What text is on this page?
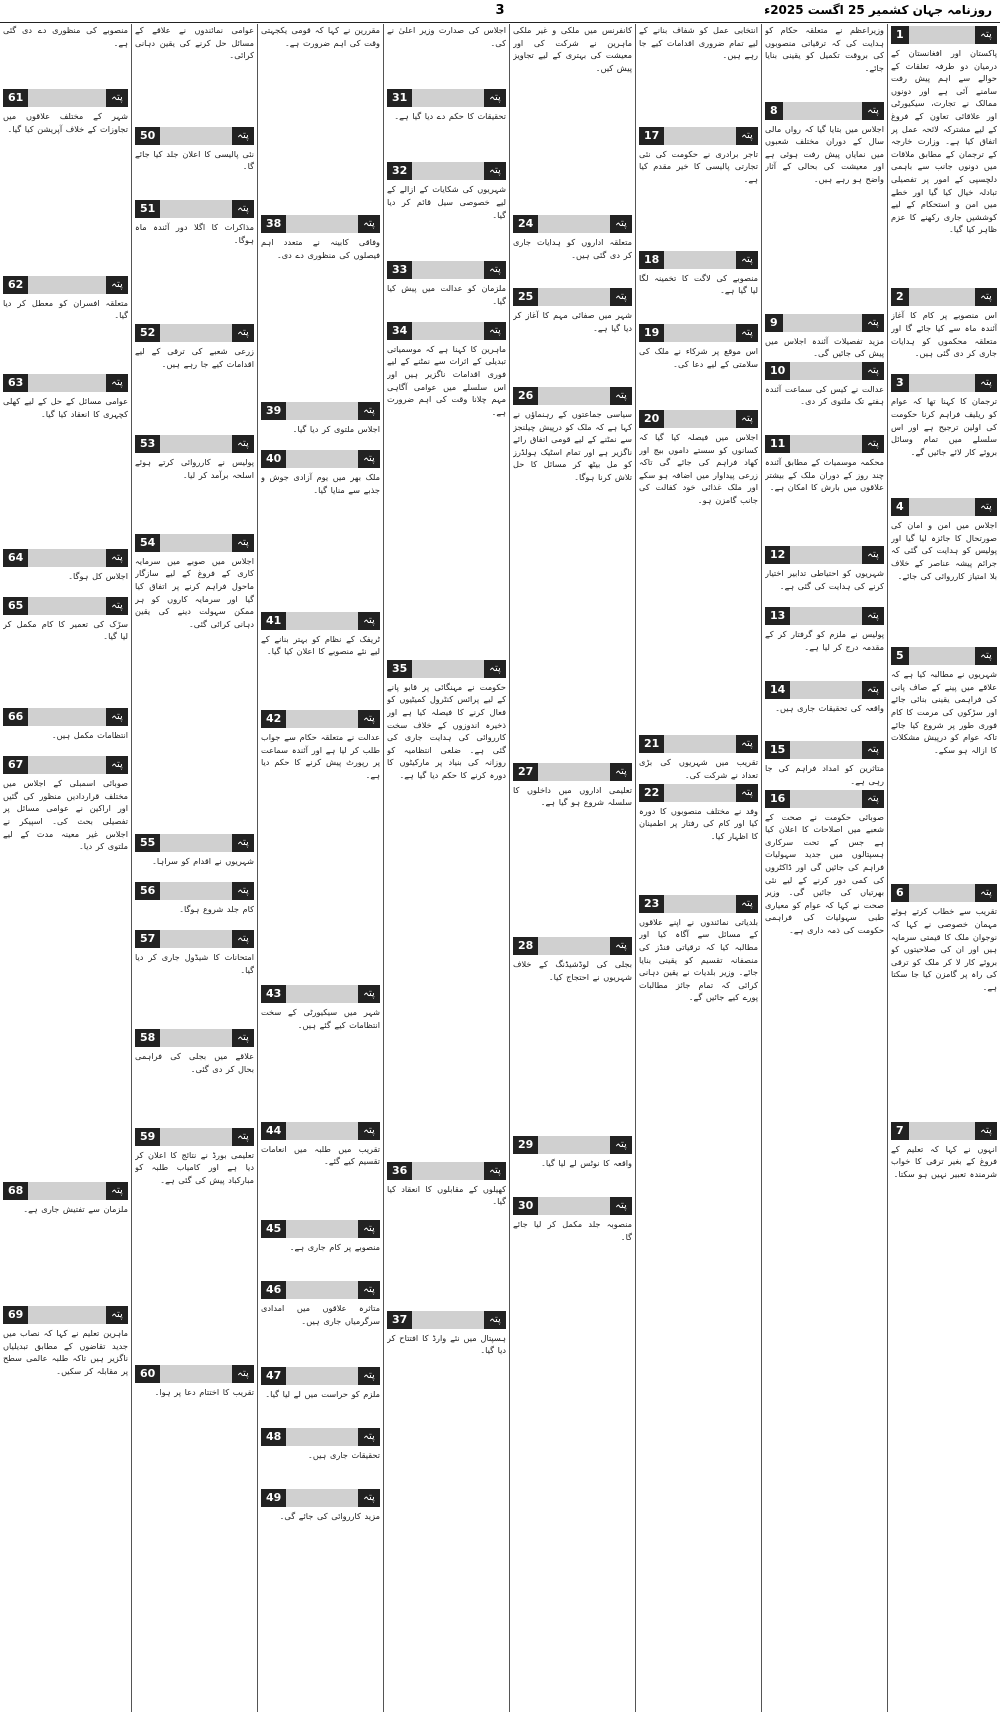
3	روزنامہ جہان کشمیر 25 اگست 2025ء
1	پتہ
پاکستان اور افغانستان کے درمیان دو طرفہ تعلقات کے حوالے سے اہم پیش رفت سامنے آئی ہے اور دونوں ممالک نے تجارت، سیکیورٹی اور علاقائی تعاون کے فروغ کے لیے مشترکہ لائحہ عمل پر اتفاق کیا ہے۔ وزارت خارجہ کے ترجمان کے مطابق ملاقات میں دونوں جانب سے باہمی دلچسپی کے امور پر تفصیلی تبادلہ خیال کیا گیا اور خطے میں امن و استحکام کے لیے کوششیں جاری رکھنے کا عزم ظاہر کیا گیا۔
2	پتہ
اس منصوبے پر کام کا آغاز آئندہ ماہ سے کیا جائے گا اور متعلقہ محکموں کو ہدایات جاری کر دی گئی ہیں۔
3	پتہ
ترجمان کا کہنا تھا کہ عوام کو ریلیف فراہم کرنا حکومت کی اولین ترجیح ہے اور اس سلسلے میں تمام وسائل بروئے کار لائے جائیں گے۔
4	پتہ
اجلاس میں امن و امان کی صورتحال کا جائزہ لیا گیا اور پولیس کو ہدایت کی گئی کہ جرائم پیشہ عناصر کے خلاف بلا امتیاز کارروائی کی جائے۔
5	پتہ
شہریوں نے مطالبہ کیا ہے کہ علاقے میں پینے کے صاف پانی کی فراہمی یقینی بنائی جائے اور سڑکوں کی مرمت کا کام فوری طور پر شروع کیا جائے تاکہ عوام کو درپیش مشکلات کا ازالہ ہو سکے۔
6	پتہ
تقریب سے خطاب کرتے ہوئے مہمان خصوصی نے کہا کہ نوجوان ملک کا قیمتی سرمایہ ہیں اور ان کی صلاحیتوں کو بروئے کار لا کر ملک کو ترقی کی راہ پر گامزن کیا جا سکتا ہے۔
7	پتہ
انہوں نے کہا کہ تعلیم کے فروغ کے بغیر ترقی کا خواب شرمندہ تعبیر نہیں ہو سکتا۔
وزیراعظم نے متعلقہ حکام کو ہدایت کی کہ ترقیاتی منصوبوں کی بروقت تکمیل کو یقینی بنایا جائے۔
8	پتہ
اجلاس میں بتایا گیا کہ رواں مالی سال کے دوران مختلف شعبوں میں نمایاں پیش رفت ہوئی ہے اور معیشت کی بحالی کے آثار واضح ہو رہے ہیں۔
9	پتہ
مزید تفصیلات آئندہ اجلاس میں پیش کی جائیں گی۔
10	پتہ
عدالت نے کیس کی سماعت آئندہ ہفتے تک ملتوی کر دی۔
11	پتہ
محکمہ موسمیات کے مطابق آئندہ چند روز کے دوران ملک کے بیشتر علاقوں میں بارش کا امکان ہے۔
12	پتہ
شہریوں کو احتیاطی تدابیر اختیار کرنے کی ہدایت کی گئی ہے۔
13	پتہ
پولیس نے ملزم کو گرفتار کر کے مقدمہ درج کر لیا ہے۔
14	پتہ
واقعہ کی تحقیقات جاری ہیں۔
15	پتہ
متاثرین کو امداد فراہم کی جا رہی ہے۔
16	پتہ
صوبائی حکومت نے صحت کے شعبے میں اصلاحات کا اعلان کیا ہے جس کے تحت سرکاری ہسپتالوں میں جدید سہولیات فراہم کی جائیں گی اور ڈاکٹروں کی کمی دور کرنے کے لیے نئی بھرتیاں کی جائیں گی۔ وزیر صحت نے کہا کہ عوام کو معیاری طبی سہولیات کی فراہمی حکومت کی ذمہ داری ہے۔
انتخابی عمل کو شفاف بنانے کے لیے تمام ضروری اقدامات کیے جا رہے ہیں۔
17	پتہ
تاجر برادری نے حکومت کی نئی تجارتی پالیسی کا خیر مقدم کیا ہے۔
18	پتہ
منصوبے کی لاگت کا تخمینہ لگا لیا گیا ہے۔
19	پتہ
اس موقع پر شرکاء نے ملک کی سلامتی کے لیے دعا کی۔
20	پتہ
اجلاس میں فیصلہ کیا گیا کہ کسانوں کو سستے داموں بیج اور کھاد فراہم کی جائے گی تاکہ زرعی پیداوار میں اضافہ ہو سکے اور ملک غذائی خود کفالت کی جانب گامزن ہو۔
21	پتہ
تقریب میں شہریوں کی بڑی تعداد نے شرکت کی۔
22	پتہ
وفد نے مختلف منصوبوں کا دورہ کیا اور کام کی رفتار پر اطمینان کا اظہار کیا۔
23	پتہ
بلدیاتی نمائندوں نے اپنے علاقوں کے مسائل سے آگاہ کیا اور مطالبہ کیا کہ ترقیاتی فنڈز کی منصفانہ تقسیم کو یقینی بنایا جائے۔ وزیر بلدیات نے یقین دہانی کرائی کہ تمام جائز مطالبات پورے کیے جائیں گے۔
کانفرنس میں ملکی و غیر ملکی ماہرین نے شرکت کی اور معیشت کی بہتری کے لیے تجاویز پیش کیں۔
24	پتہ
متعلقہ اداروں کو ہدایات جاری کر دی گئی ہیں۔
25	پتہ
شہر میں صفائی مہم کا آغاز کر دیا گیا ہے۔
26	پتہ
سیاسی جماعتوں کے رہنماؤں نے کہا ہے کہ ملک کو درپیش چیلنجز سے نمٹنے کے لیے قومی اتفاق رائے ناگزیر ہے اور تمام اسٹیک ہولڈرز کو مل بیٹھ کر مسائل کا حل تلاش کرنا ہوگا۔
27	پتہ
تعلیمی اداروں میں داخلوں کا سلسلہ شروع ہو گیا ہے۔
28	پتہ
بجلی کی لوڈشیڈنگ کے خلاف شہریوں نے احتجاج کیا۔
29	پتہ
واقعہ کا نوٹس لے لیا گیا۔
30	پتہ
منصوبہ جلد مکمل کر لیا جائے گا۔
اجلاس کی صدارت وزیر اعلیٰ نے کی۔
31	پتہ
تحقیقات کا حکم دے دیا گیا ہے۔
32	پتہ
شہریوں کی شکایات کے ازالے کے لیے خصوصی سیل قائم کر دیا گیا۔
33	پتہ
ملزمان کو عدالت میں پیش کیا گیا۔
34	پتہ
ماہرین کا کہنا ہے کہ موسمیاتی تبدیلی کے اثرات سے نمٹنے کے لیے فوری اقدامات ناگزیر ہیں اور اس سلسلے میں عوامی آگاہی مہم چلانا وقت کی اہم ضرورت ہے۔
35	پتہ
حکومت نے مہنگائی پر قابو پانے کے لیے پرائس کنٹرول کمیٹیوں کو فعال کرنے کا فیصلہ کیا ہے اور ذخیرہ اندوزوں کے خلاف سخت کارروائی کی ہدایت جاری کی گئی ہے۔ ضلعی انتظامیہ کو روزانہ کی بنیاد پر مارکیٹوں کا دورہ کرنے کا حکم دیا گیا ہے۔
36	پتہ
کھیلوں کے مقابلوں کا انعقاد کیا گیا۔
37	پتہ
ہسپتال میں نئے وارڈ کا افتتاح کر دیا گیا۔
مقررین نے کہا کہ قومی یکجہتی وقت کی اہم ضرورت ہے۔
38	پتہ
وفاقی کابینہ نے متعدد اہم فیصلوں کی منظوری دے دی۔
39	پتہ
اجلاس ملتوی کر دیا گیا۔
40	پتہ
ملک بھر میں یوم آزادی جوش و جذبے سے منایا گیا۔
41	پتہ
ٹریفک کے نظام کو بہتر بنانے کے لیے نئے منصوبے کا اعلان کیا گیا۔
42	پتہ
عدالت نے متعلقہ حکام سے جواب طلب کر لیا ہے اور آئندہ سماعت پر رپورٹ پیش کرنے کا حکم دیا ہے۔
43	پتہ
شہر میں سیکیورٹی کے سخت انتظامات کیے گئے ہیں۔
44	پتہ
تقریب میں طلبہ میں انعامات تقسیم کیے گئے۔
45	پتہ
منصوبے پر کام جاری ہے۔
46	پتہ
متاثرہ علاقوں میں امدادی سرگرمیاں جاری ہیں۔
47	پتہ
ملزم کو حراست میں لے لیا گیا۔
48	پتہ
تحقیقات جاری ہیں۔
49	پتہ
مزید کارروائی کی جائے گی۔
عوامی نمائندوں نے علاقے کے مسائل حل کرنے کی یقین دہانی کرائی۔
50	پتہ
نئی پالیسی کا اعلان جلد کیا جائے گا۔
51	پتہ
مذاکرات کا اگلا دور آئندہ ماہ ہوگا۔
52	پتہ
زرعی شعبے کی ترقی کے لیے اقدامات کیے جا رہے ہیں۔
53	پتہ
پولیس نے کارروائی کرتے ہوئے اسلحہ برآمد کر لیا۔
54	پتہ
اجلاس میں صوبے میں سرمایہ کاری کے فروغ کے لیے سازگار ماحول فراہم کرنے پر اتفاق کیا گیا اور سرمایہ کاروں کو ہر ممکن سہولت دینے کی یقین دہانی کرائی گئی۔
55	پتہ
شہریوں نے اقدام کو سراہا۔
56	پتہ
کام جلد شروع ہوگا۔
57	پتہ
امتحانات کا شیڈول جاری کر دیا گیا۔
58	پتہ
علاقے میں بجلی کی فراہمی بحال کر دی گئی۔
59	پتہ
تعلیمی بورڈ نے نتائج کا اعلان کر دیا ہے اور کامیاب طلبہ کو مبارکباد پیش کی گئی ہے۔
60	پتہ
تقریب کا اختتام دعا پر ہوا۔
منصوبے کی منظوری دے دی گئی ہے۔
61	پتہ
شہر کے مختلف علاقوں میں تجاوزات کے خلاف آپریشن کیا گیا۔
62	پتہ
متعلقہ افسران کو معطل کر دیا گیا۔
63	پتہ
عوامی مسائل کے حل کے لیے کھلی کچہری کا انعقاد کیا گیا۔
64	پتہ
اجلاس کل ہوگا۔
65	پتہ
سڑک کی تعمیر کا کام مکمل کر لیا گیا۔
66	پتہ
انتظامات مکمل ہیں۔
67	پتہ
صوبائی اسمبلی کے اجلاس میں مختلف قراردادیں منظور کی گئیں اور اراکین نے عوامی مسائل پر تفصیلی بحث کی۔ اسپیکر نے اجلاس غیر معینہ مدت کے لیے ملتوی کر دیا۔
68	پتہ
ملزمان سے تفتیش جاری ہے۔
69	پتہ
ماہرین تعلیم نے کہا کہ نصاب میں جدید تقاضوں کے مطابق تبدیلیاں ناگزیر ہیں تاکہ طلبہ عالمی سطح پر مقابلہ کر سکیں۔
